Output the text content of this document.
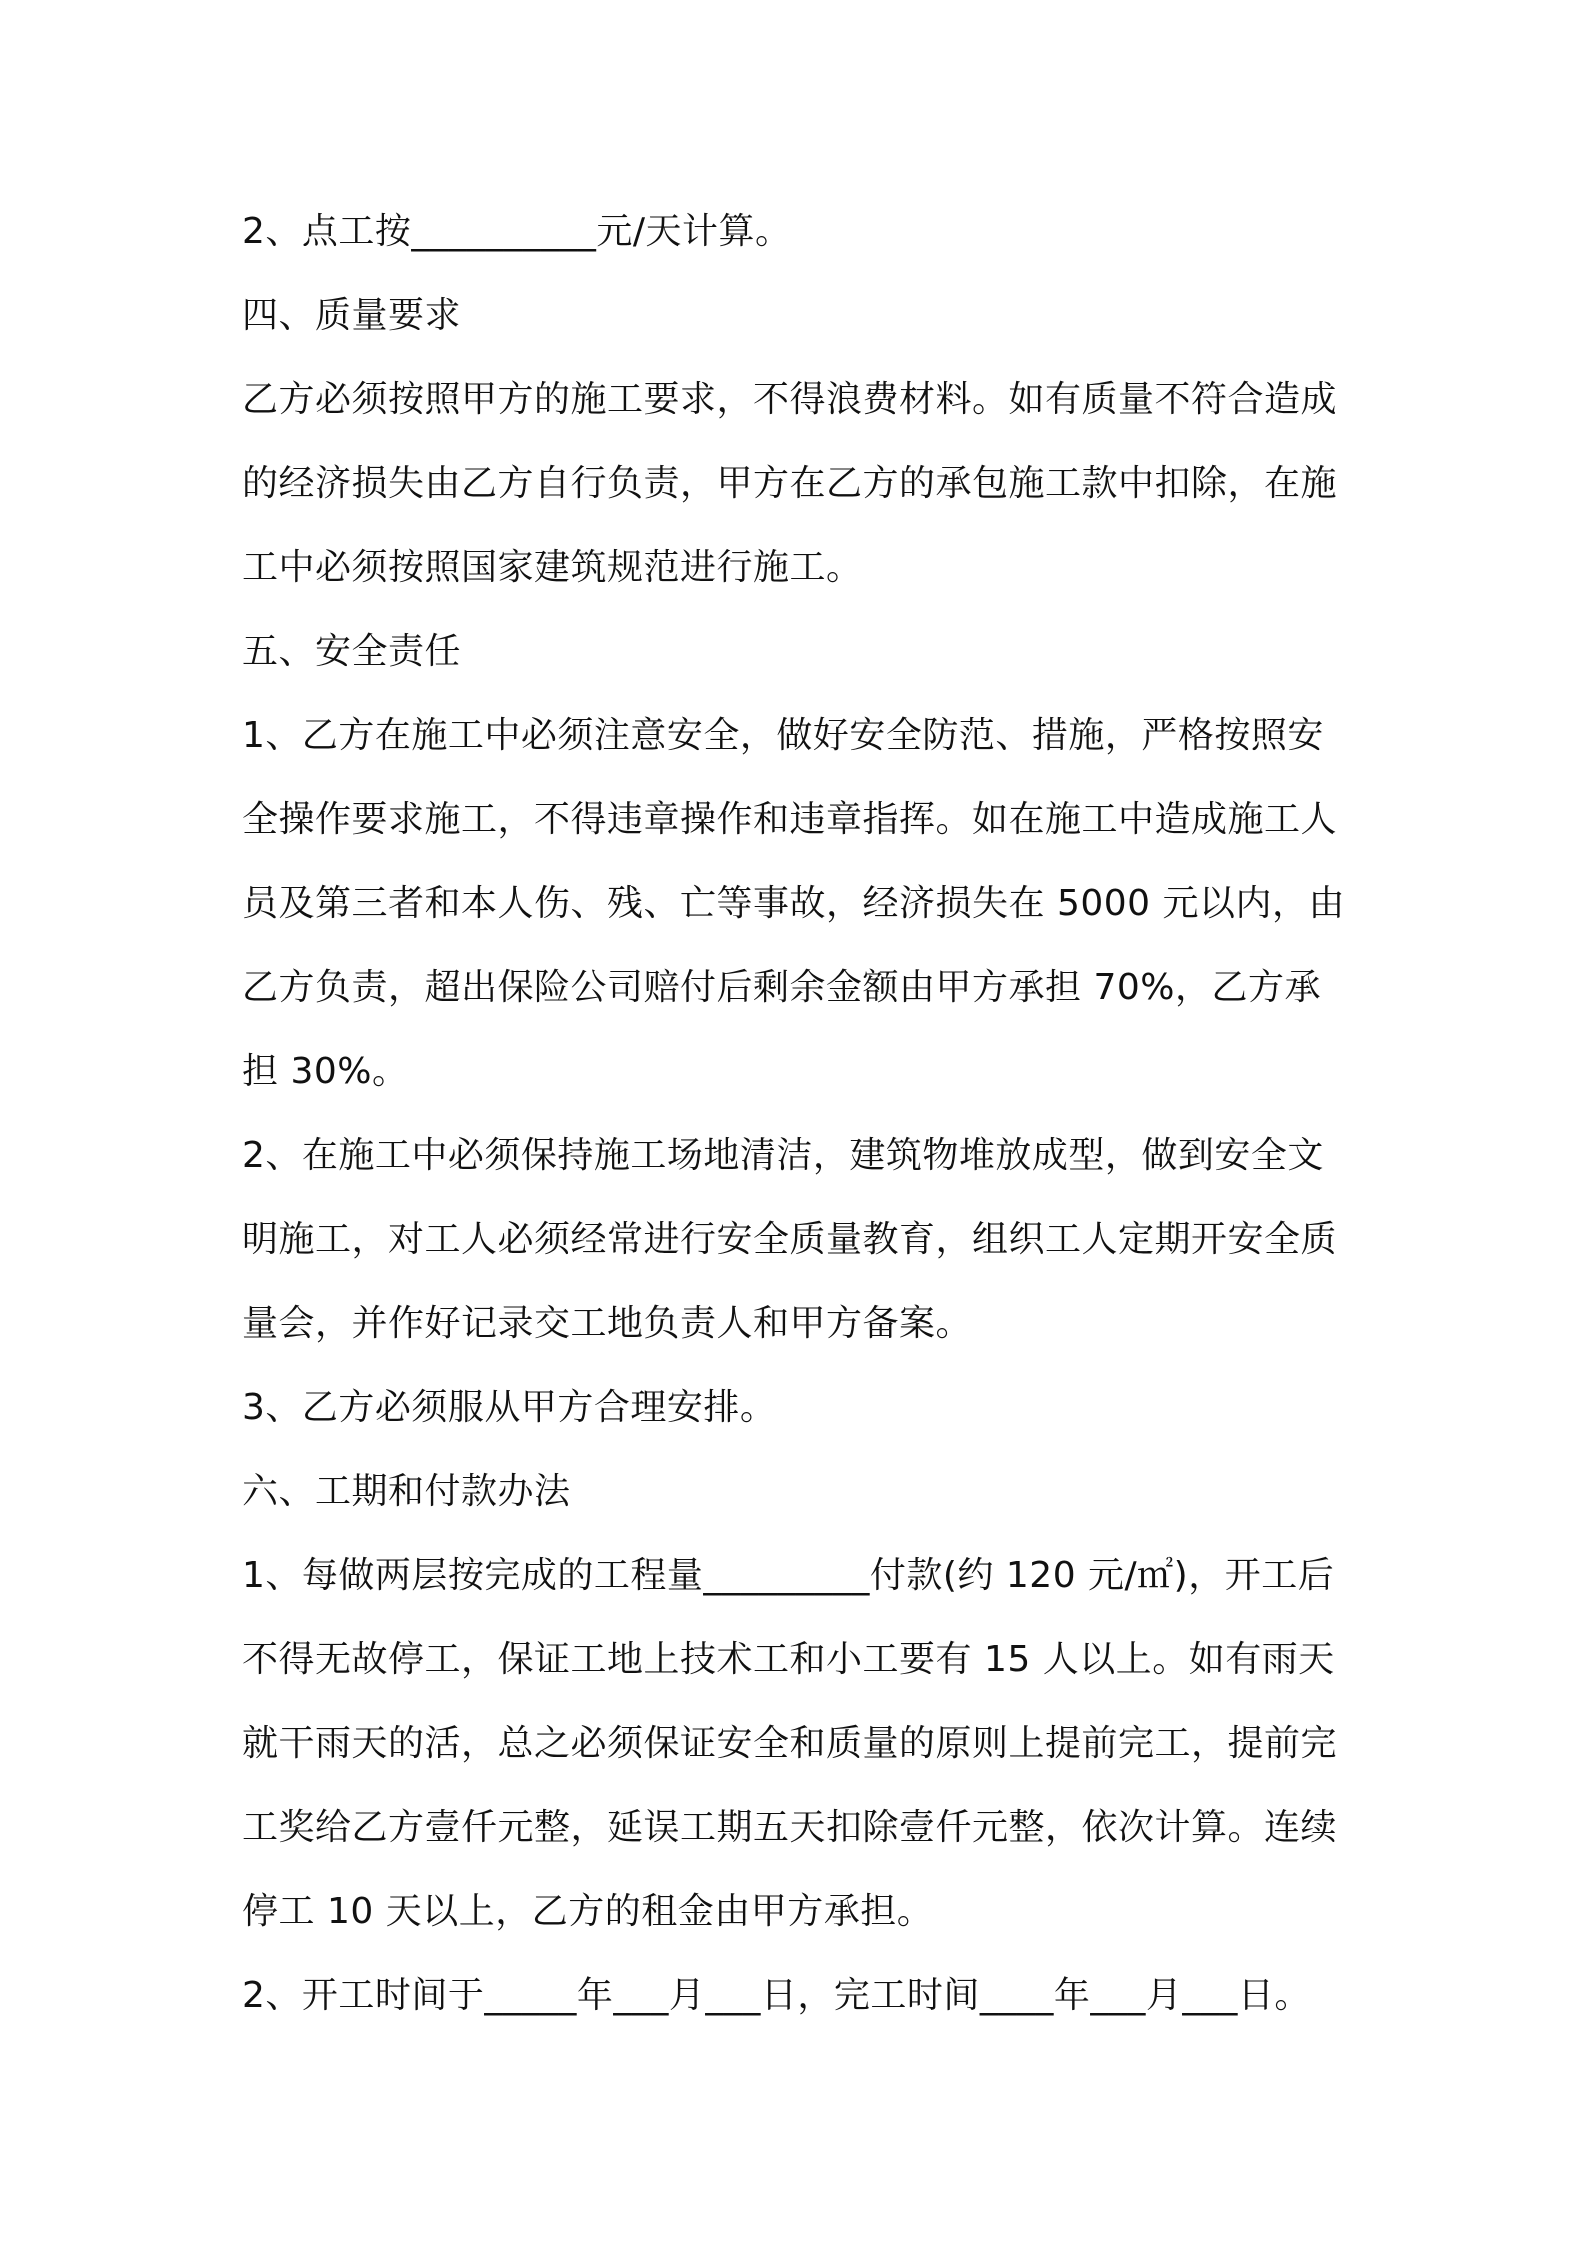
2、点工按__________元/天计算。
四、质量要求
乙方必须按照甲方的施工要求，不得浪费材料。如有质量不符合造成
的经济损失由乙方自行负责，甲方在乙方的承包施工款中扣除，在施
工中必须按照国家建筑规范进行施工。
五、安全责任
1、乙方在施工中必须注意安全，做好安全防范、措施，严格按照安
全操作要求施工，不得违章操作和违章指挥。如在施工中造成施工人
员及第三者和本人伤、残、亡等事故，经济损失在 5000 元以内，由
乙方负责，超出保险公司赔付后剩余金额由甲方承担 70%，乙方承
担 30%。
2、在施工中必须保持施工场地清洁，建筑物堆放成型，做到安全文
明施工，对工人必须经常进行安全质量教育，组织工人定期开安全质
量会，并作好记录交工地负责人和甲方备案。
3、乙方必须服从甲方合理安排。
六、工期和付款办法
1、每做两层按完成的工程量_________付款(约 120 元/㎡)，开工后
不得无故停工，保证工地上技术工和小工要有 15 人以上。如有雨天
就干雨天的活，总之必须保证安全和质量的原则上提前完工，提前完
工奖给乙方壹仟元整，延误工期五天扣除壹仟元整，依次计算。连续
停工 10 天以上，乙方的租金由甲方承担。
2、开工时间于_____年___月___日，完工时间____年___月___日。
